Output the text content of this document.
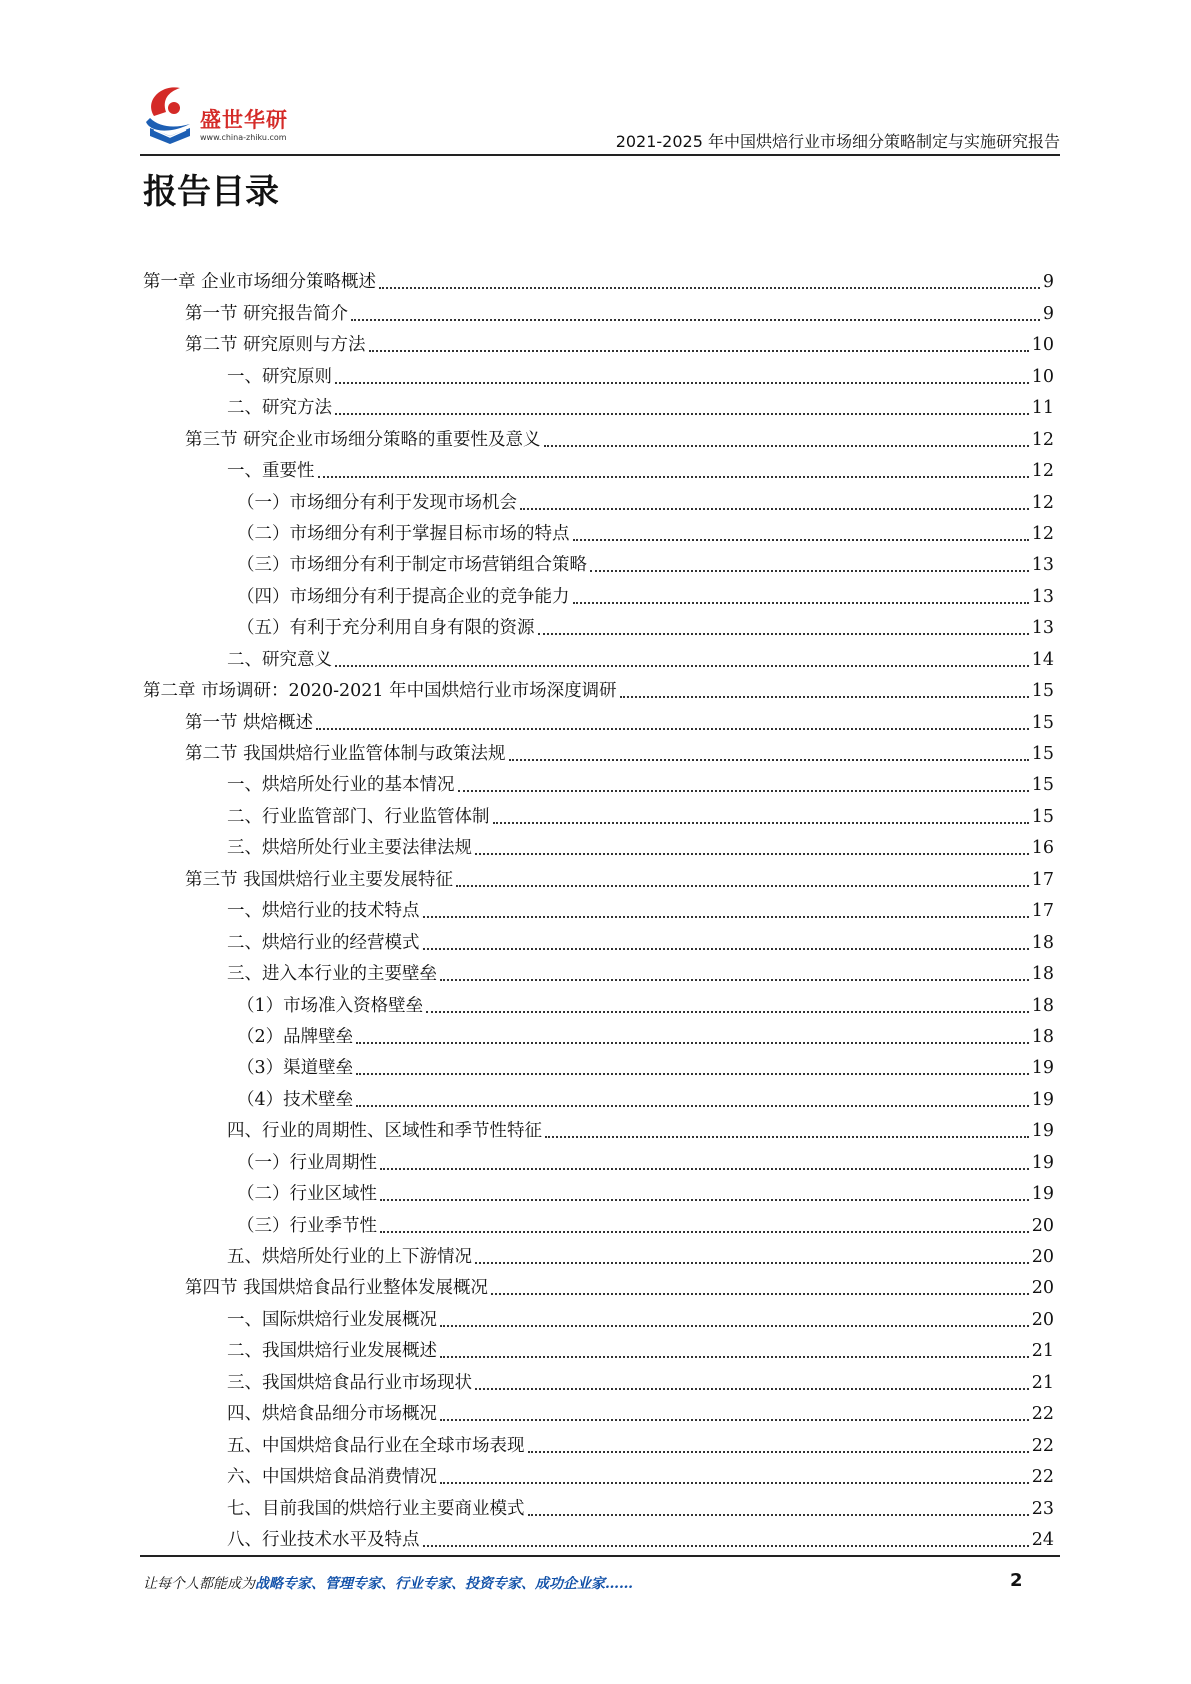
盛世华研
www.china-zhiku.com	2021-2025 年中国烘焙行业市场细分策略制定与实施研究报告
报告目录
第一章 企业市场细分策略概述	9
第一节 研究报告简介	9
第二节 研究原则与方法	10
一、研究原则	10
二、研究方法	11
第三节 研究企业市场细分策略的重要性及意义	12
一、重要性	12
（一）市场细分有利于发现市场机会	12
（二）市场细分有利于掌握目标市场的特点	12
（三）市场细分有利于制定市场营销组合策略	13
（四）市场细分有利于提高企业的竞争能力	13
（五）有利于充分利用自身有限的资源	13
二、研究意义	14
第二章 市场调研：2020-2021 年中国烘焙行业市场深度调研	15
第一节 烘焙概述	15
第二节 我国烘焙行业监管体制与政策法规	15
一、烘焙所处行业的基本情况	15
二、行业监管部门、行业监管体制	15
三、烘焙所处行业主要法律法规	16
第三节 我国烘焙行业主要发展特征	17
一、烘焙行业的技术特点	17
二、烘焙行业的经营模式	18
三、进入本行业的主要壁垒	18
（1）市场准入资格壁垒	18
（2）品牌壁垒	18
（3）渠道壁垒	19
（4）技术壁垒	19
四、行业的周期性、区域性和季节性特征	19
（一）行业周期性	19
（二）行业区域性	19
（三）行业季节性	20
五、烘焙所处行业的上下游情况	20
第四节 我国烘焙食品行业整体发展概况	20
一、国际烘焙行业发展概况	20
二、我国烘焙行业发展概述	21
三、我国烘焙食品行业市场现状	21
四、烘焙食品细分市场概况	22
五、中国烘焙食品行业在全球市场表现	22
六、中国烘焙食品消费情况	22
七、目前我国的烘焙行业主要商业模式	23
八、行业技术水平及特点	24
让每个人都能成为战略专家、管理专家、行业专家、投资专家、成功企业家……	2
